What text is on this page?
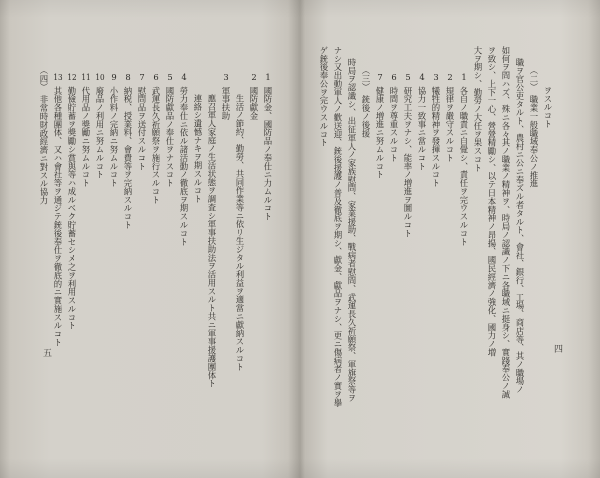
ヲスルコト
（二）　職業一般職域奉公ノ推進
職ヲ官公吏タルト、農村ニ公ニ奉ズル者タルト、會社、銀行、工場、商店等、其ノ職場ノ
如何ヲ問ハズ、殊ニ各々其ノ職業ノ精神ヲ、時局ノ認識ノ下ニ各職域ニ挺身シ、實踐奉公ノ誠
ヲ致シ、上下一心、營營精勵シ、以テ日本精神ノ昂揚、國民經濟ノ強化、國力ノ増
大ヲ期シ、勤勞ノ大任ヲ果スコト
1各自ノ職責ニ自覺シ、責任ヲ完ウスルコト
2規律ヲ嚴守スルコト
3犧牲的精神ヲ發揮スルコト
4協力一致事ニ當ルコト
5研究工夫ヲナシ、能率ノ増進ヲ圖ルコト
6時間ヲ尊重スルコト
7健康ノ増進ニ努ムルコト
（三）　銃後ノ後援
時局ヲ認識シ、出征軍人ノ家族慰問、家業援助、戰病者慰問、武運長久祈願祭、軍旗祭等ヲ
ナシ又出動軍人ノ歡送迎、銃後援護ノ普及徹底ヲ期シ、獻金、獻品ヲナシ、更ニ傷病者ノ實ヲ擧
ゲ銃後奉公ヲ完ウスルコト
四
1國防金、國防品ノ奉仕ニ力ムルコト
2國防獻金
生活ノ節約、勤勞、共同作業等ニ依リ生ジタル利益ヲ適當ニ獻納スルコト
3軍事扶助
應召軍人家庭ノ生活状態ヲ調査シ軍事扶助法ヲ活用スルト共ニ軍事援護團体ト
連絡シ遺憾ナキヲ期スルコト
4勞力奉仕ニ依ル諸活動ノ徹底ヲ期スルコト
5國防獻品ノ奉仕ヲナスコト
6武運長久祈願祭ヲ施行スルコト
7慰問品ヲ送付スルコト
8納税、授業料、會費等ヲ完納スルコト
9小作料ノ完納ニ努ムルコト
10廢品ノ利用ニ努ムルコト
11代用品ノ獎勵ニ努ムルコト
12勤儉貯蓄ヲ獎勵シ賞與等ハ成ルベク貯蓄セシメ之ヲ利用スルコト
13其他各種團体、又ハ會社等ヲ通ジテ銃後奉仕ヲ徹底的ニ實施スルコト
（四）　非常時財政經濟ニ對スル協力
五
